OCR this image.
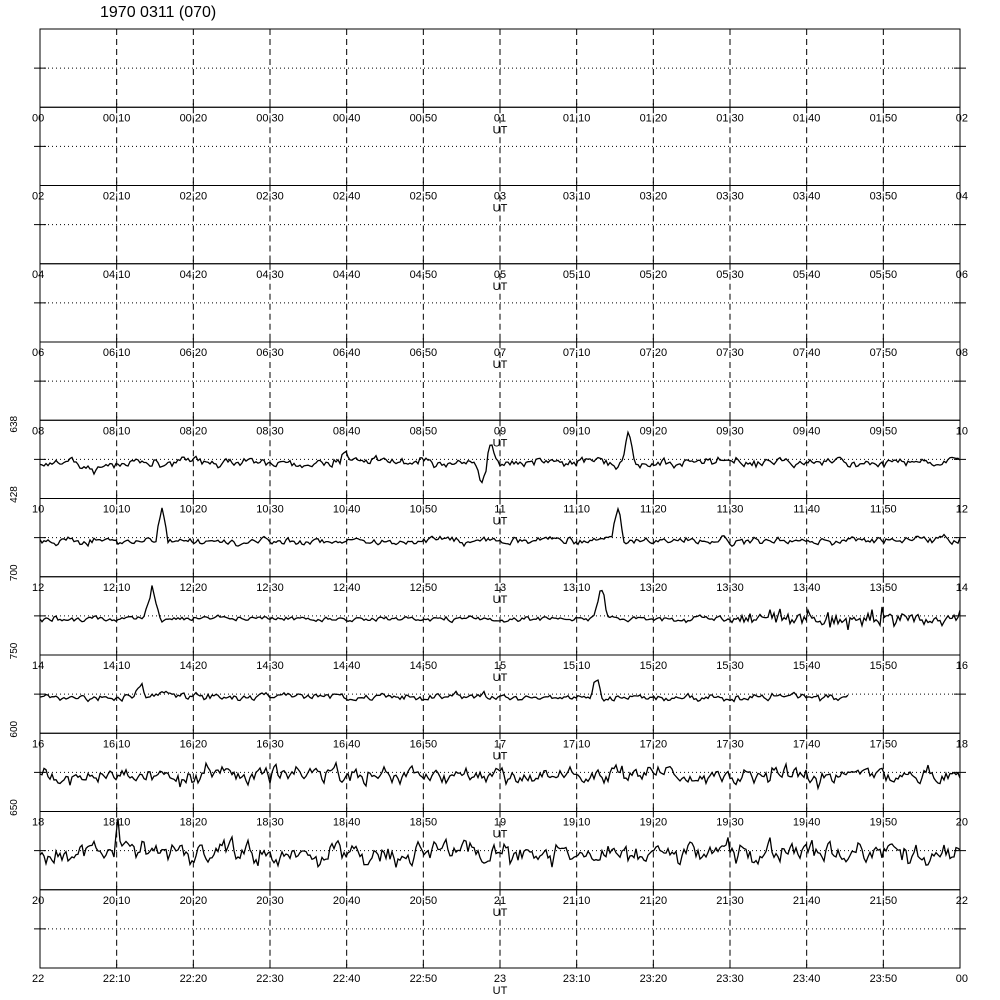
1970 0311 (070)
00	00:10	00:20	00:30	00:40	00:50	01	01:10	01:20	01:30	01:40	01:50	02
UT
02	02:10	02:20	02:30	02:40	02:50	03	03:10	03:20	03:30	03:40	03:50	04
UT
04	04:10	04:20	04:30	04:40	04:50	05	05:10	05:20	05:30	05:40	05:50	06
UT
06	06:10	06:20	06:30	06:40	06:50	07	07:10	07:20	07:30	07:40	07:50	08
UT
08	08:10	08:20	08:30	08:40	08:50	09	09:10	09:20	09:30	09:40	09:50	10
UT
10	10:10	10:20	10:30	10:40	10:50	11	11:10	11:20	11:30	11:40	11:50	12
UT
638
428
12	12:10	12:20	12:30	12:40	12:50	13	13:10	13:20	13:30	13:40	13:50	14
UT
700
14	14:10	14:20	14:30	14:40	14:50	15	15:10	15:20	15:30	15:40	15:50	16
UT
750
16	16:10	16:20	16:30	16:40	16:50	17	17:10	17:20	17:30	17:40	17:50	18
UT
600
18	18:10	18:20	18:30	18:40	18:50	19	19:10	19:20	19:30	19:40	19:50	20
UT
650
20	20:10	20:20	20:30	20:40	20:50	21	21:10	21:20	21:30	21:40	21:50	22
UT
22	22:10	22:20	22:30	22:40	22:50	23	23:10	23:20	23:30	23:40	23:50	00
UT
